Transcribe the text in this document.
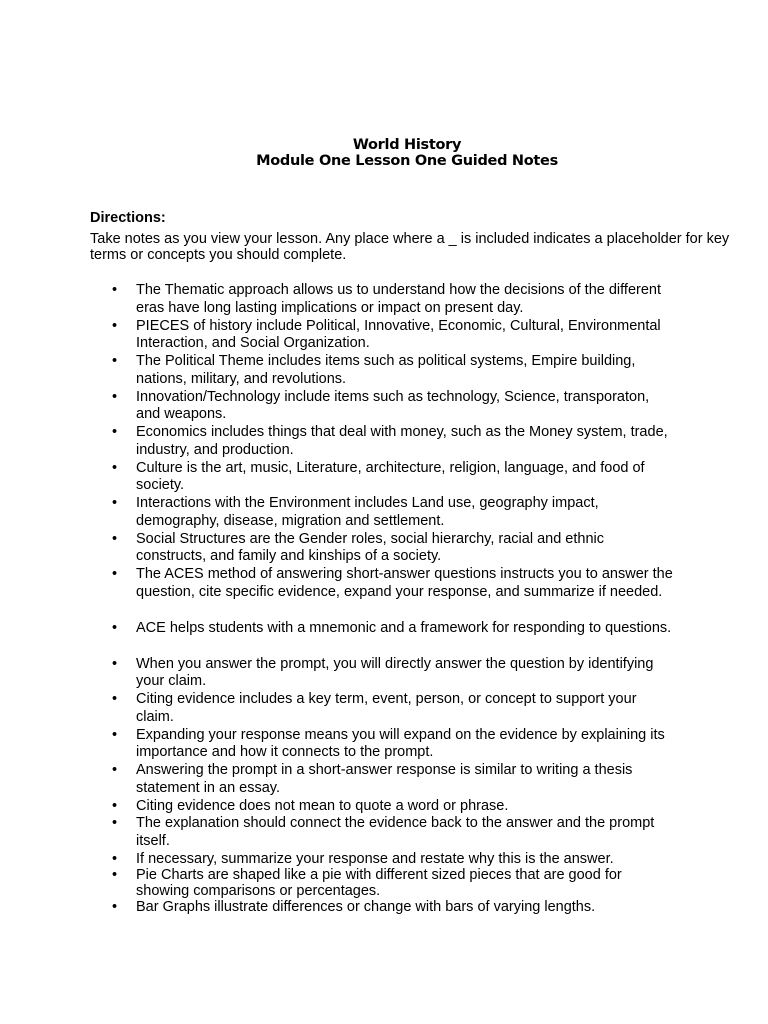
World History
Module One Lesson One Guided Notes
Directions:

Take notes as you view your lesson. Any place where a _ is included indicates a placeholder for key terms or concepts you should complete.

• The Thematic approach allows us to understand how the decisions of the different eras have long lasting implications or impact on present day.
• PIECES of history include Political, Innovative, Economic, Cultural, Environmental Interaction, and Social Organization.
• The Political Theme includes items such as political systems, Empire building, nations, military, and revolutions.
• Innovation/Technology include items such as technology, Science, transporaton, and weapons.
• Economics includes things that deal with money, such as the Money system, trade, industry, and production.
• Culture is the art, music, Literature, architecture, religion, language, and food of society.
• Interactions with the Environment includes Land use, geography impact, demography, disease, migration and settlement.
• Social Structures are the Gender roles, social hierarchy, racial and ethnic constructs, and family and kinships of a society.
• The ACES method of answering short-answer questions instructs you to answer the question, cite specific evidence, expand your response, and summarize if needed.
• ACE helps students with a mnemonic and a framework for responding to questions.
• When you answer the prompt, you will directly answer the question by identifying your claim.
• Citing evidence includes a key term, event, person, or concept to support your claim.
• Expanding your response means you will expand on the evidence by explaining its importance and how it connects to the prompt.
• Answering the prompt in a short-answer response is similar to writing a thesis statement in an essay.
• Citing evidence does not mean to quote a word or phrase.
• The explanation should connect the evidence back to the answer and the prompt itself.
• If necessary, summarize your response and restate why this is the answer.
• Pie Charts are shaped like a pie with different sized pieces that are good for showing comparisons or percentages.
• Bar Graphs illustrate differences or change with bars of varying lengths.
